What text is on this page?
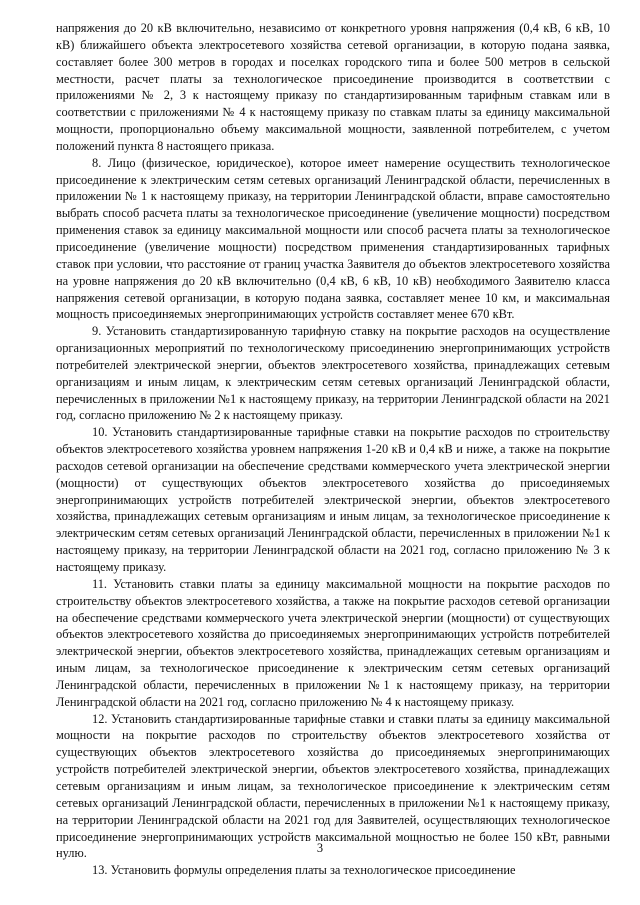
напряжения до 20 кВ включительно, независимо от конкретного уровня напряжения (0,4 кВ, 6 кВ, 10 кВ) ближайшего объекта электросетевого хозяйства сетевой организации, в которую подана заявка, составляет более 300 метров в городах и поселках городского типа и более 500 метров в сельской местности, расчет платы за технологическое присоединение производится в соответствии с приложениями № 2, 3 к настоящему приказу по стандартизированным тарифным ставкам или в соответствии с приложениями № 4 к настоящему приказу по ставкам платы за единицу максимальной мощности, пропорционально объему максимальной мощности, заявленной потребителем, с учетом положений пункта 8 настоящего приказа.

8. Лицо (физическое, юридическое), которое имеет намерение осуществить технологическое присоединение к электрическим сетям сетевых организаций Ленинградской области, перечисленных в приложении № 1 к настоящему приказу, на территории Ленинградской области, вправе самостоятельно выбрать способ расчета платы за технологическое присоединение (увеличение мощности) посредством применения ставок за единицу максимальной мощности или способ расчета платы за технологическое присоединение (увеличение мощности) посредством применения стандартизированных тарифных ставок при условии, что расстояние от границ участка Заявителя до объектов электросетевого хозяйства на уровне напряжения до 20 кВ включительно (0,4 кВ, 6 кВ, 10 кВ) необходимого Заявителю класса напряжения сетевой организации, в которую подана заявка, составляет менее 10 км, и максимальная мощность присоединяемых энергопринимающих устройств составляет менее 670 кВт.

9. Установить стандартизированную тарифную ставку на покрытие расходов на осуществление организационных мероприятий по технологическому присоединению энергопринимающих устройств потребителей электрической энергии, объектов электросетевого хозяйства, принадлежащих сетевым организациям и иным лицам, к электрическим сетям сетевых организаций Ленинградской области, перечисленных в приложении №1 к настоящему приказу, на территории Ленинградской области на 2021 год, согласно приложению № 2 к настоящему приказу.

10. Установить стандартизированные тарифные ставки на покрытие расходов по строительству объектов электросетевого хозяйства уровнем напряжения 1-20 кВ и 0,4 кВ и ниже, а также на покрытие расходов сетевой организации на обеспечение средствами коммерческого учета электрической энергии (мощности) от существующих объектов электросетевого хозяйства до присоединяемых энергопринимающих устройств потребителей электрической энергии, объектов электросетевого хозяйства, принадлежащих сетевым организациям и иным лицам, за технологическое присоединение к электрическим сетям сетевых организаций Ленинградской области, перечисленных в приложении №1 к настоящему приказу, на территории Ленинградской области на 2021 год, согласно приложению № 3 к настоящему приказу.

11. Установить ставки платы за единицу максимальной мощности на покрытие расходов по строительству объектов электросетевого хозяйства, а также на покрытие расходов сетевой организации на обеспечение средствами коммерческого учета электрической энергии (мощности) от существующих объектов электросетевого хозяйства до присоединяемых энергопринимающих устройств потребителей электрической энергии, объектов электросетевого хозяйства, принадлежащих сетевым организациям и иным лицам, за технологическое присоединение к электрическим сетям сетевых организаций Ленинградской области, перечисленных в приложении №1 к настоящему приказу, на территории Ленинградской области на 2021 год, согласно приложению № 4 к настоящему приказу.

12. Установить стандартизированные тарифные ставки и ставки платы за единицу максимальной мощности на покрытие расходов по строительству объектов электросетевого хозяйства от существующих объектов электросетевого хозяйства до присоединяемых энергопринимающих устройств потребителей электрической энергии, объектов электросетевого хозяйства, принадлежащих сетевым организациям и иным лицам, за технологическое присоединение к электрическим сетям сетевых организаций Ленинградской области, перечисленных в приложении №1 к настоящему приказу, на территории Ленинградской области на 2021 год для Заявителей, осуществляющих технологическое присоединение энергопринимающих устройств максимальной мощностью не более 150 кВт, равными нулю.

13. Установить формулы определения платы за технологическое присоединение

3
